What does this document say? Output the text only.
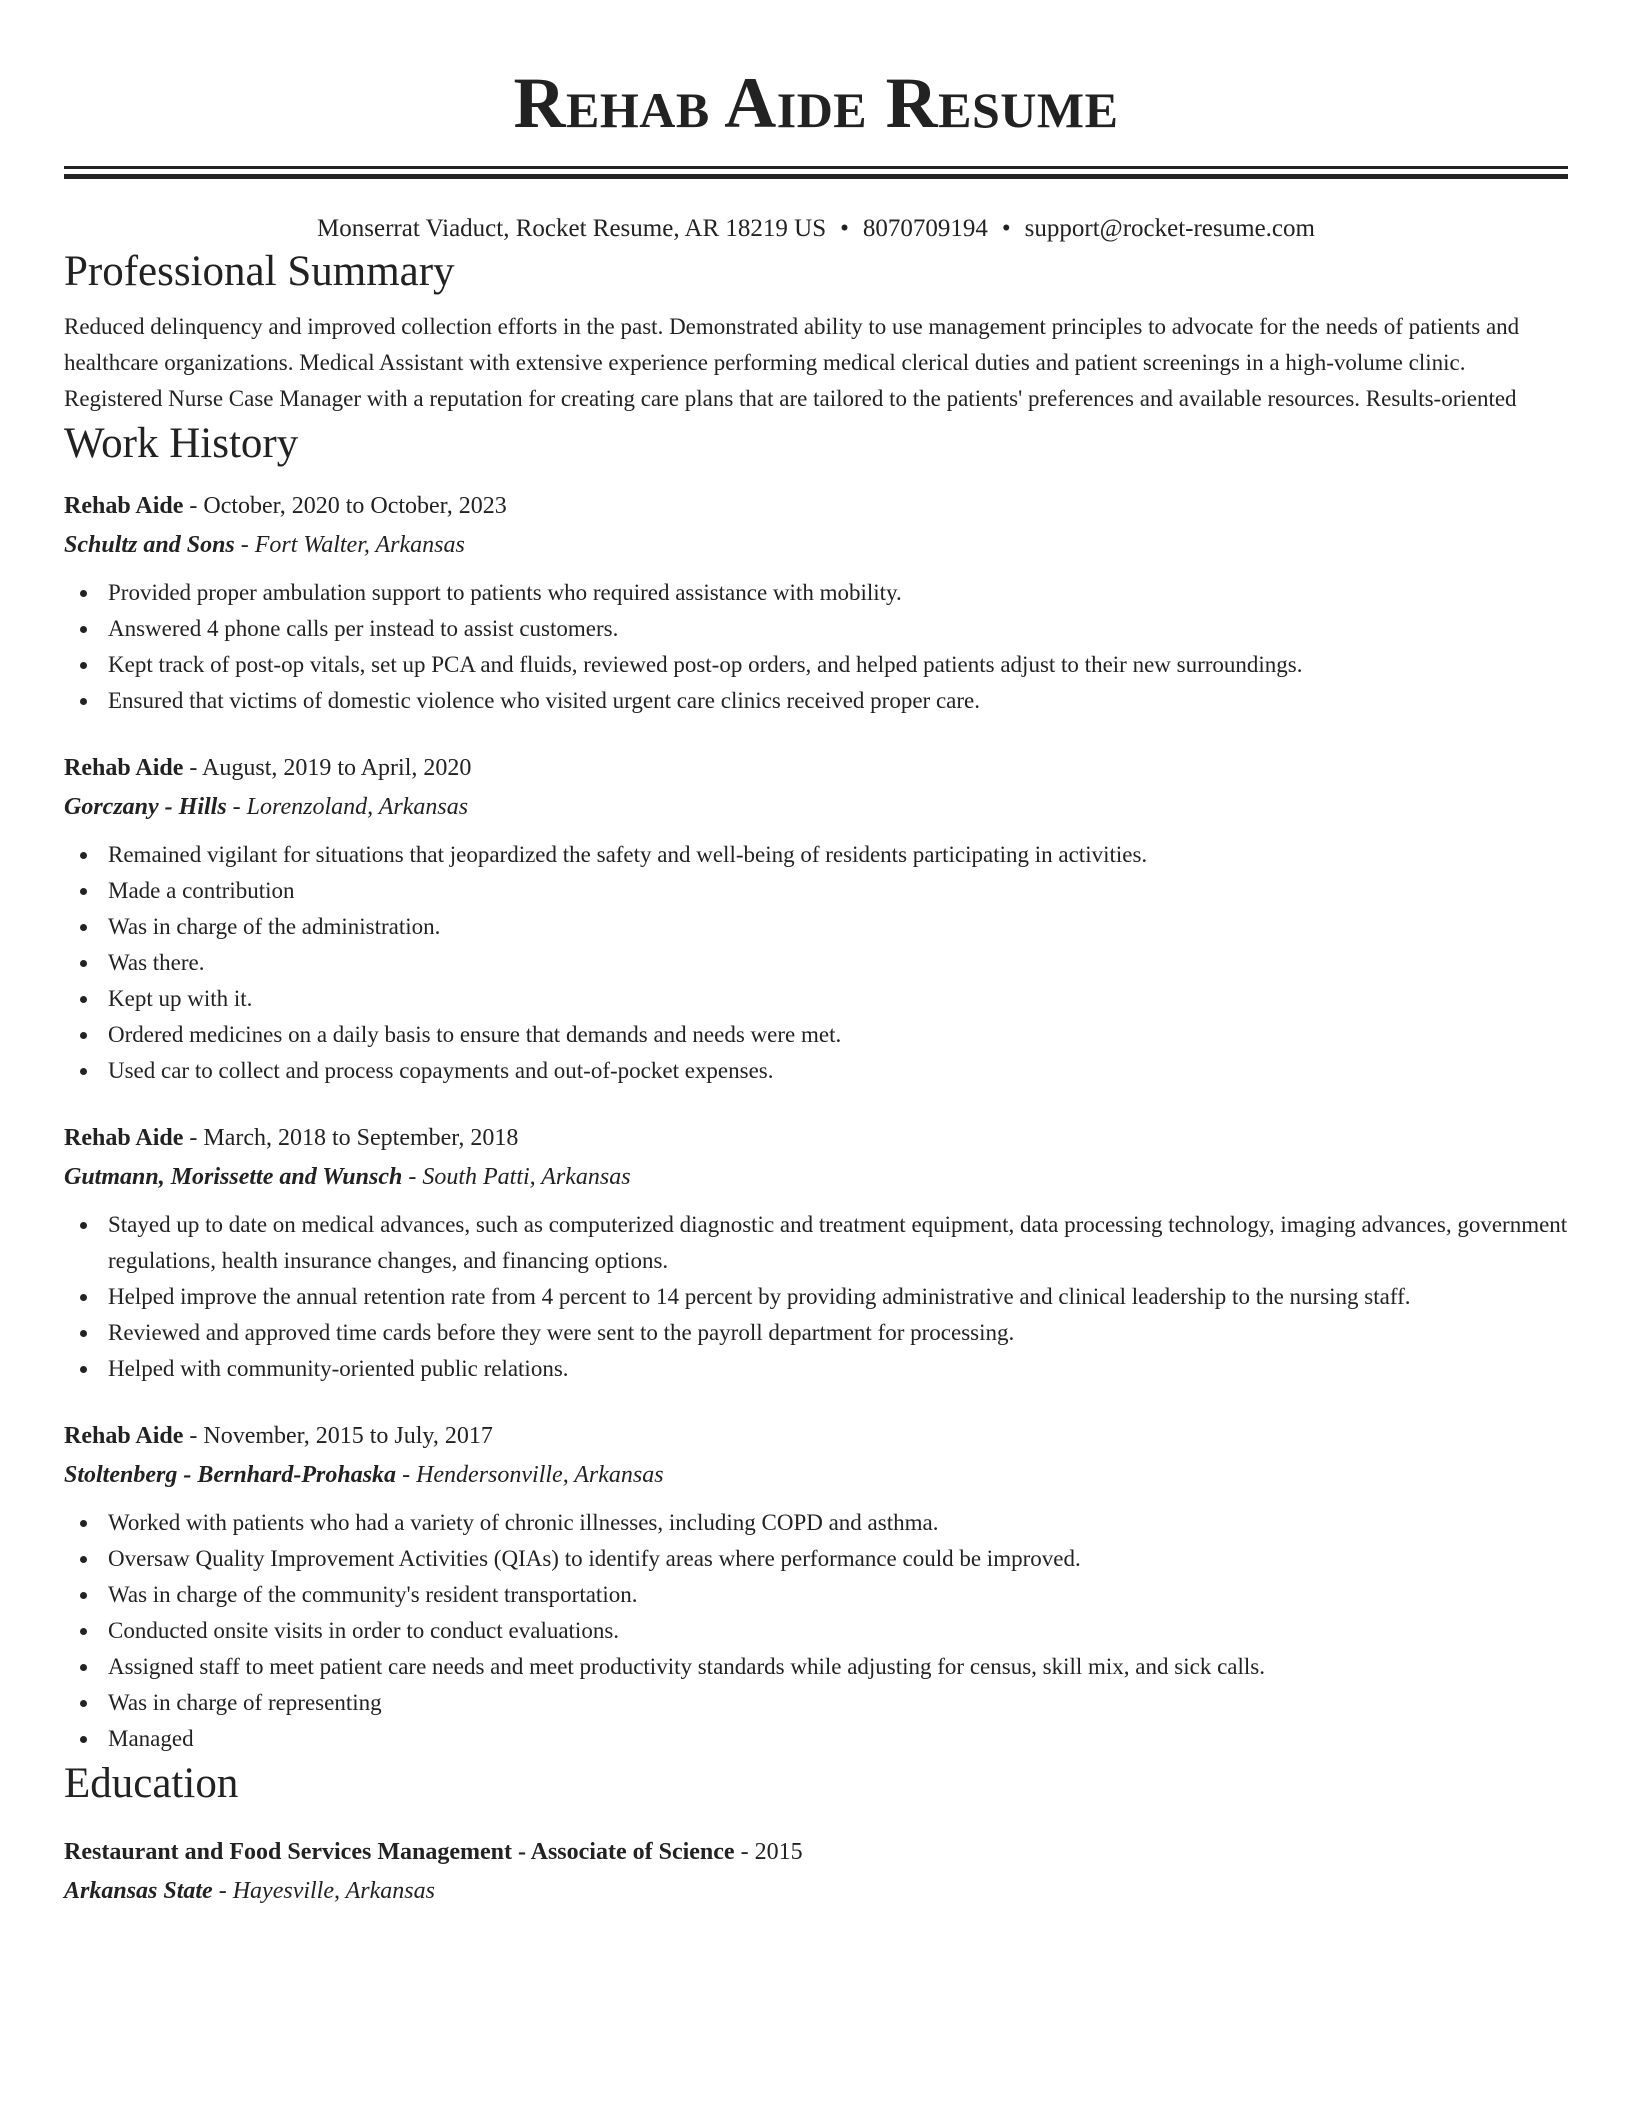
Rehab Aide Resume
Monserrat Viaduct, Rocket Resume, AR 18219 US • 8070709194 • support@rocket-resume.com
Professional Summary
Reduced delinquency and improved collection efforts in the past. Demonstrated ability to use management principles to advocate for the needs of patients and healthcare organizations. Medical Assistant with extensive experience performing medical clerical duties and patient screenings in a high-volume clinic. Registered Nurse Case Manager with a reputation for creating care plans that are tailored to the patients' preferences and available resources. Results-oriented
Work History
Rehab Aide - October, 2020 to October, 2023
Schultz and Sons - Fort Walter, Arkansas
Provided proper ambulation support to patients who required assistance with mobility.
Answered 4 phone calls per instead to assist customers.
Kept track of post-op vitals, set up PCA and fluids, reviewed post-op orders, and helped patients adjust to their new surroundings.
Ensured that victims of domestic violence who visited urgent care clinics received proper care.
Rehab Aide - August, 2019 to April, 2020
Gorczany - Hills - Lorenzoland, Arkansas
Remained vigilant for situations that jeopardized the safety and well-being of residents participating in activities.
Made a contribution
Was in charge of the administration.
Was there.
Kept up with it.
Ordered medicines on a daily basis to ensure that demands and needs were met.
Used car to collect and process copayments and out-of-pocket expenses.
Rehab Aide - March, 2018 to September, 2018
Gutmann, Morissette and Wunsch - South Patti, Arkansas
Stayed up to date on medical advances, such as computerized diagnostic and treatment equipment, data processing technology, imaging advances, government regulations, health insurance changes, and financing options.
Helped improve the annual retention rate from 4 percent to 14 percent by providing administrative and clinical leadership to the nursing staff.
Reviewed and approved time cards before they were sent to the payroll department for processing.
Helped with community-oriented public relations.
Rehab Aide - November, 2015 to July, 2017
Stoltenberg - Bernhard-Prohaska - Hendersonville, Arkansas
Worked with patients who had a variety of chronic illnesses, including COPD and asthma.
Oversaw Quality Improvement Activities (QIAs) to identify areas where performance could be improved.
Was in charge of the community's resident transportation.
Conducted onsite visits in order to conduct evaluations.
Assigned staff to meet patient care needs and meet productivity standards while adjusting for census, skill mix, and sick calls.
Was in charge of representing
Managed
Education
Restaurant and Food Services Management - Associate of Science - 2015
Arkansas State - Hayesville, Arkansas
